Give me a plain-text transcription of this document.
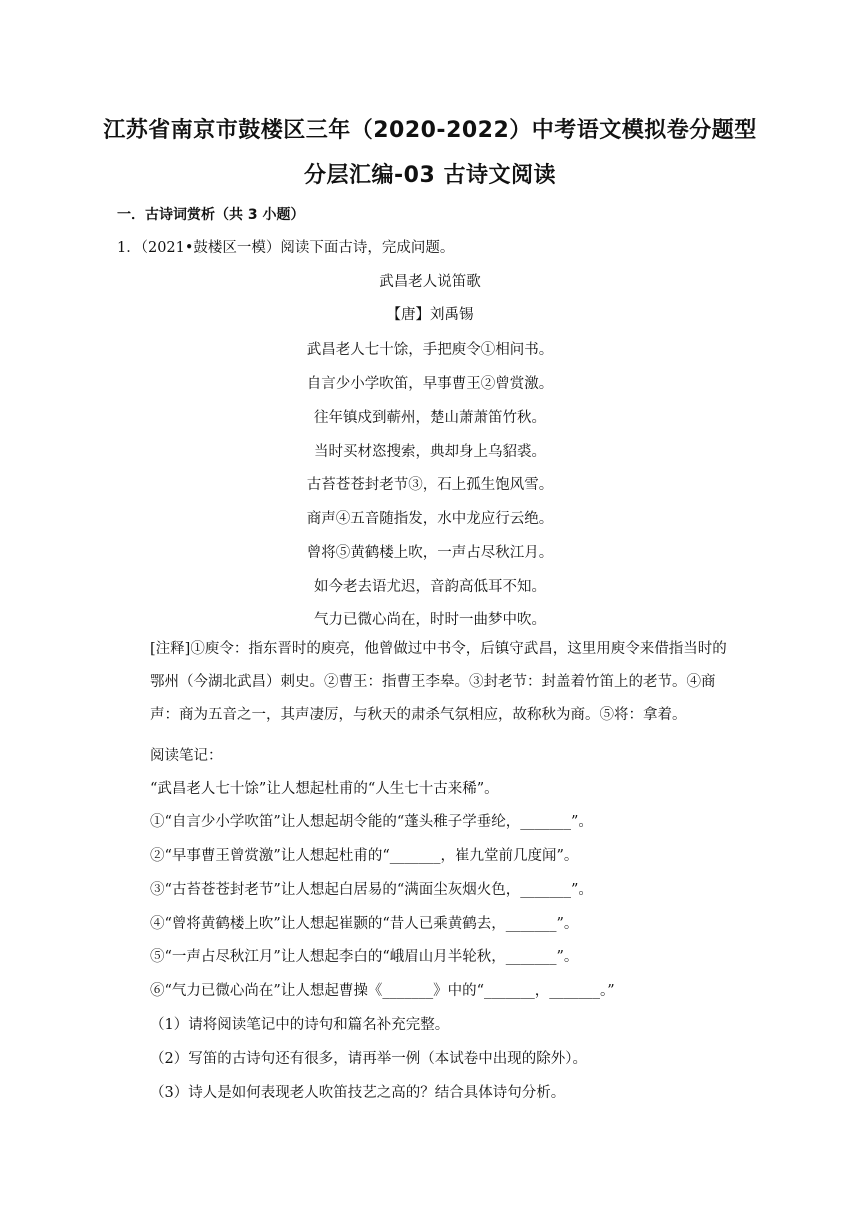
江苏省南京市鼓楼区三年（2020-2022）中考语文模拟卷分题型
分层汇编-03 古诗文阅读
一．古诗词赏析（共 3 小题）
1．（2021•鼓楼区一模）阅读下面古诗，完成问题。
武昌老人说笛歌
【唐】刘禹锡
武昌老人七十馀，手把庾令①相问书。
自言少小学吹笛，早事曹王②曾赏激。
往年镇戍到蕲州，楚山萧萧笛竹秋。
当时买材恣搜索，典却身上乌貂裘。
古苔苍苍封老节③，石上孤生饱风雪。
商声④五音随指发，水中龙应行云绝。
曾将⑤黄鹤楼上吹，一声占尽秋江月。
如今老去语尤迟，音韵高低耳不知。
气力已微心尚在，时时一曲梦中吹。
[注释]①庾令：指东晋时的庾亮，他曾做过中书令，后镇守武昌，这里用庾令来借指当时的鄂州（今湖北武昌）刺史。②曹王：指曹王李皋。③封老节：封盖着竹笛上的老节。④商声：商为五音之一，其声凄厉，与秋天的肃杀气氛相应，故称秋为商。⑤将：拿着。
阅读笔记：
“武昌老人七十馀”让人想起杜甫的“人生七十古来稀”。
①“自言少小学吹笛”让人想起胡令能的“蓬头稚子学垂纶，_______”。
②“早事曹王曾赏激”让人想起杜甫的“_______，崔九堂前几度闻”。
③“古苔苍苍封老节”让人想起白居易的“满面尘灰烟火色，_______”。
④“曾将黄鹤楼上吹”让人想起崔颢的“昔人已乘黄鹤去，_______”。
⑤“一声占尽秋江月”让人想起李白的“峨眉山月半轮秋，_______”。
⑥“气力已微心尚在”让人想起曹操《_______》中的“_______，_______。”
（1）请将阅读笔记中的诗句和篇名补充完整。
（2）写笛的古诗句还有很多，请再举一例（本试卷中出现的除外）。
（3）诗人是如何表现老人吹笛技艺之高的？结合具体诗句分析。
